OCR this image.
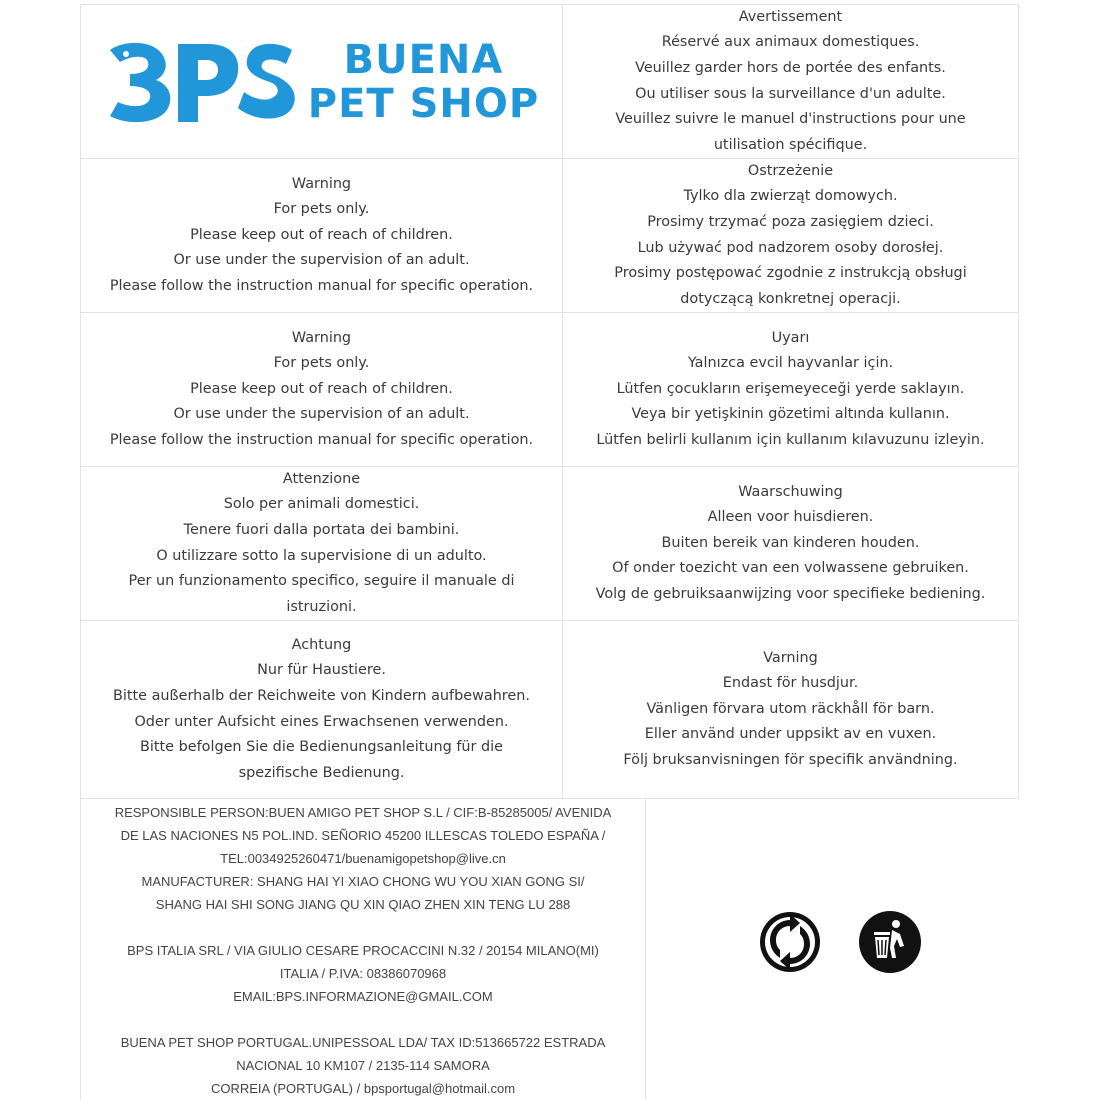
BUENA
PET SHOP
Avertissement
Réservé aux animaux domestiques.
Veuillez garder hors de portée des enfants.
Ou utiliser sous la surveillance d'un adulte.
Veuillez suivre le manuel d'instructions pour une
utilisation spécifique.
Warning
For pets only.
Please keep out of reach of children.
Or use under the supervision of an adult.
Please follow the instruction manual for specific operation.
Ostrzeżenie
Tylko dla zwierząt domowych.
Prosimy trzymać poza zasięgiem dzieci.
Lub używać pod nadzorem osoby dorosłej.
Prosimy postępować zgodnie z instrukcją obsługi
dotyczącą konkretnej operacji.
Warning
For pets only.
Please keep out of reach of children.
Or use under the supervision of an adult.
Please follow the instruction manual for specific operation.
Uyarı
Yalnızca evcil hayvanlar için.
Lütfen çocukların erişemeyeceği yerde saklayın.
Veya bir yetişkinin gözetimi altında kullanın.
Lütfen belirli kullanım için kullanım kılavuzunu izleyin.
Attenzione
Solo per animali domestici.
Tenere fuori dalla portata dei bambini.
O utilizzare sotto la supervisione di un adulto.
Per un funzionamento specifico, seguire il manuale di
istruzioni.
Waarschuwing
Alleen voor huisdieren.
Buiten bereik van kinderen houden.
Of onder toezicht van een volwassene gebruiken.
Volg de gebruiksaanwijzing voor specifieke bediening.
Achtung
Nur für Haustiere.
Bitte außerhalb der Reichweite von Kindern aufbewahren.
Oder unter Aufsicht eines Erwachsenen verwenden.
Bitte befolgen Sie die Bedienungsanleitung für die
spezifische Bedienung.
Varning
Endast för husdjur.
Vänligen förvara utom räckhåll för barn.
Eller använd under uppsikt av en vuxen.
Följ bruksanvisningen för specifik användning.
RESPONSIBLE PERSON:BUEN AMIGO PET SHOP S.L / CIF:B-85285005/ AVENIDA
DE LAS NACIONES N5 POL.IND. SEÑORIO 45200 ILLESCAS TOLEDO ESPAÑA /
TEL:0034925260471/buenamigopetshop@live.cn
MANUFACTURER: SHANG HAI YI XIAO CHONG WU YOU XIAN GONG SI/
SHANG HAI SHI SONG JIANG QU XIN QIAO ZHEN XIN TENG LU 288
BPS ITALIA SRL / VIA GIULIO CESARE PROCACCINI N.32 / 20154 MILANO(MI)
ITALIA / P.IVA: 08386070968
EMAIL:BPS.INFORMAZIONE@GMAIL.COM
BUENA PET SHOP PORTUGAL.UNIPESSOAL LDA/ TAX ID:513665722 ESTRADA
NACIONAL 10 KM107 / 2135-114 SAMORA
CORREIA (PORTUGAL) / bpsportugal@hotmail.com
